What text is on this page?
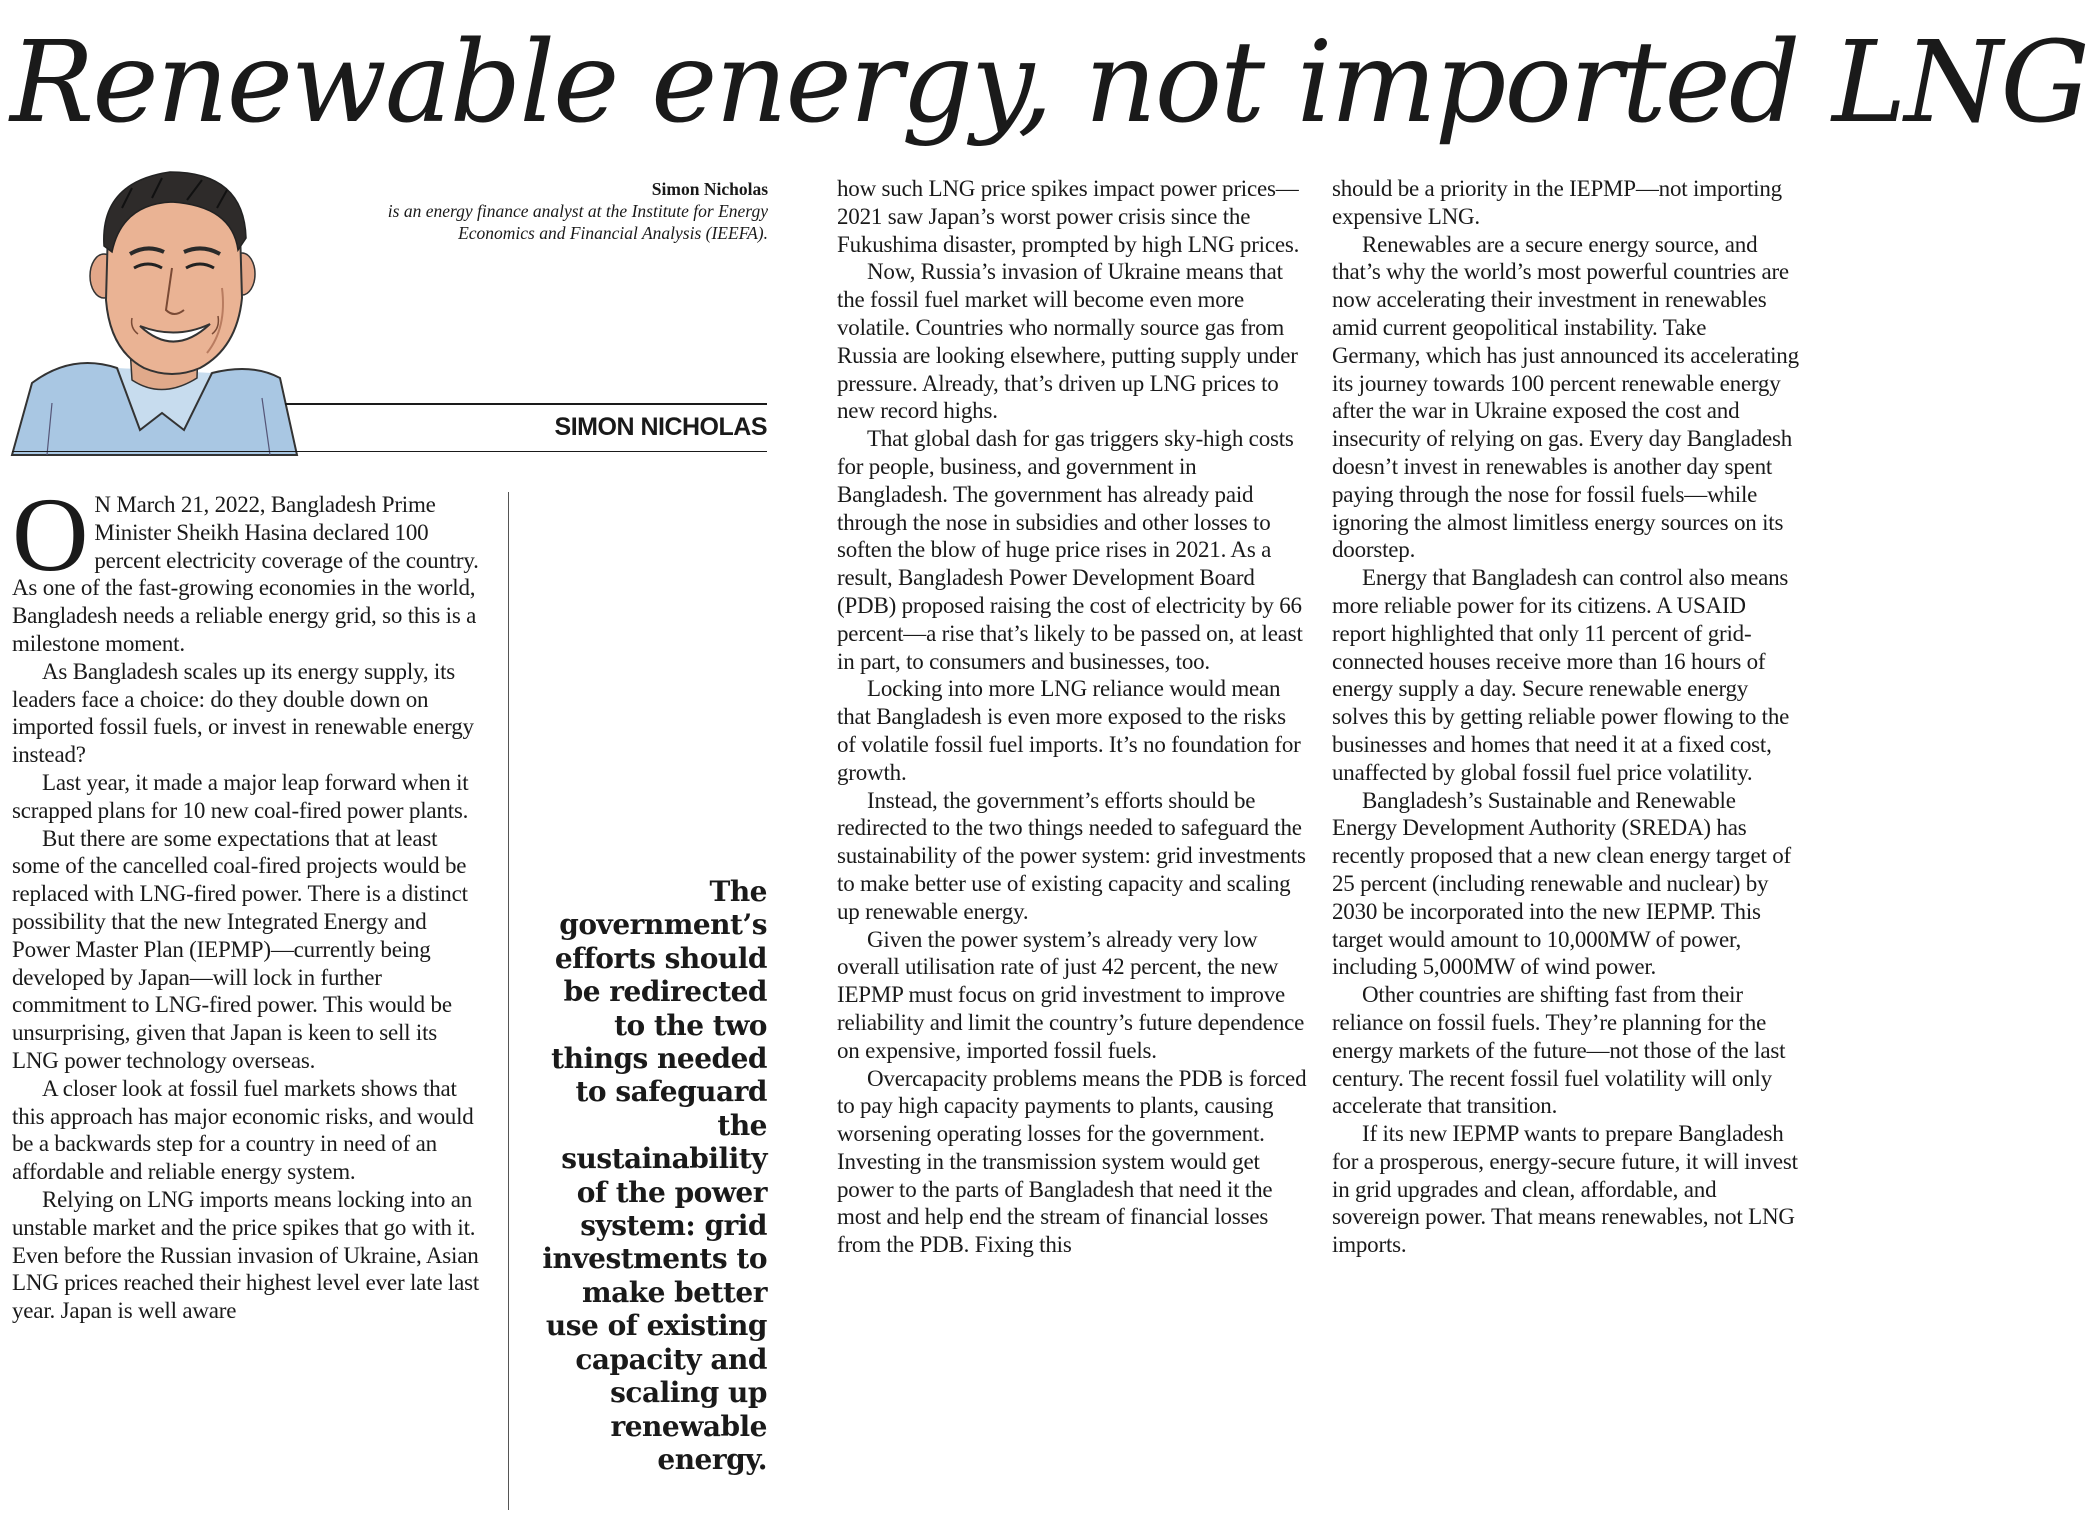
Renewable energy, not imported LNG
Simon Nicholas
is an energy finance analyst at the Institute for Energy Economics and Financial Analysis (IEEFA).
SIMON NICHOLAS

O N March 21, 2022, Bangladesh Prime Minister Sheikh Hasina declared 100 percent electricity coverage of the country. As one of the fast-growing economies in the world, Bangladesh needs a reliable energy grid, so this is a milestone moment.

As Bangladesh scales up its energy supply, its leaders face a choice: do they double down on imported fossil fuels, or invest in renewable energy instead?

Last year, it made a major leap forward when it scrapped plans for 10 new coal-fired power plants.

But there are some expectations that at least some of the cancelled coal-fired projects would be replaced with LNG-fired power. There is a distinct possibility that the new Integrated Energy and Power Master Plan (IEPMP)—currently being developed by Japan—will lock in further commitment to LNG-fired power. This would be unsurprising, given that Japan is keen to sell its LNG power technology overseas.

A closer look at fossil fuel markets shows that this approach has major economic risks, and would be a backwards step for a country in need of an affordable and reliable energy system.

Relying on LNG imports means locking into an unstable market and the price spikes that go with it. Even before the Russian invasion of Ukraine, Asian LNG prices reached their highest level ever late last year. Japan is well aware

The government’s efforts should be redirected to the two things needed to safeguard the sustainability of the power system: grid investments to make better use of existing capacity and scaling up renewable energy.

how such LNG price spikes impact power prices—2021 saw Japan’s worst power crisis since the Fukushima disaster, prompted by high LNG prices.

Now, Russia’s invasion of Ukraine means that the fossil fuel market will become even more volatile. Countries who normally source gas from Russia are looking elsewhere, putting supply under pressure. Already, that’s driven up LNG prices to new record highs.

That global dash for gas triggers sky-high costs for people, business, and government in Bangladesh. The government has already paid through the nose in subsidies and other losses to soften the blow of huge price rises in 2021. As a result, Bangladesh Power Development Board (PDB) proposed raising the cost of electricity by 66 percent—a rise that’s likely to be passed on, at least in part, to consumers and businesses, too.

Locking into more LNG reliance would mean that Bangladesh is even more exposed to the risks of volatile fossil fuel imports. It’s no foundation for growth.

Instead, the government’s efforts should be redirected to the two things needed to safeguard the sustainability of the power system: grid investments to make better use of existing capacity and scaling up renewable energy.

Given the power system’s already very low overall utilisation rate of just 42 percent, the new IEPMP must focus on grid investment to improve reliability and limit the country’s future dependence on expensive, imported fossil fuels.

Overcapacity problems means the PDB is forced to pay high capacity payments to plants, causing worsening operating losses for the government. Investing in the transmission system would get power to the parts of Bangladesh that need it the most and help end the stream of financial losses from the PDB. Fixing this

should be a priority in the IEPMP—not importing expensive LNG.

Renewables are a secure energy source, and that’s why the world’s most powerful countries are now accelerating their investment in renewables amid current geopolitical instability. Take Germany, which has just announced its accelerating its journey towards 100 percent renewable energy after the war in Ukraine exposed the cost and insecurity of relying on gas. Every day Bangladesh doesn’t invest in renewables is another day spent paying through the nose for fossil fuels—while ignoring the almost limitless energy sources on its doorstep.

Energy that Bangladesh can control also means more reliable power for its citizens. A USAID report highlighted that only 11 percent of grid-connected houses receive more than 16 hours of energy supply a day. Secure renewable energy solves this by getting reliable power flowing to the businesses and homes that need it at a fixed cost, unaffected by global fossil fuel price volatility.

Bangladesh’s Sustainable and Renewable Energy Development Authority (SREDA) has recently proposed that a new clean energy target of 25 percent (including renewable and nuclear) by 2030 be incorporated into the new IEPMP. This target would amount to 10,000MW of power, including 5,000MW of wind power.

Other countries are shifting fast from their reliance on fossil fuels. They’re planning for the energy markets of the future—not those of the last century. The recent fossil fuel volatility will only accelerate that transition.

If its new IEPMP wants to prepare Bangladesh for a prosperous, energy-secure future, it will invest in grid upgrades and clean, affordable, and sovereign power. That means renewables, not LNG imports.
